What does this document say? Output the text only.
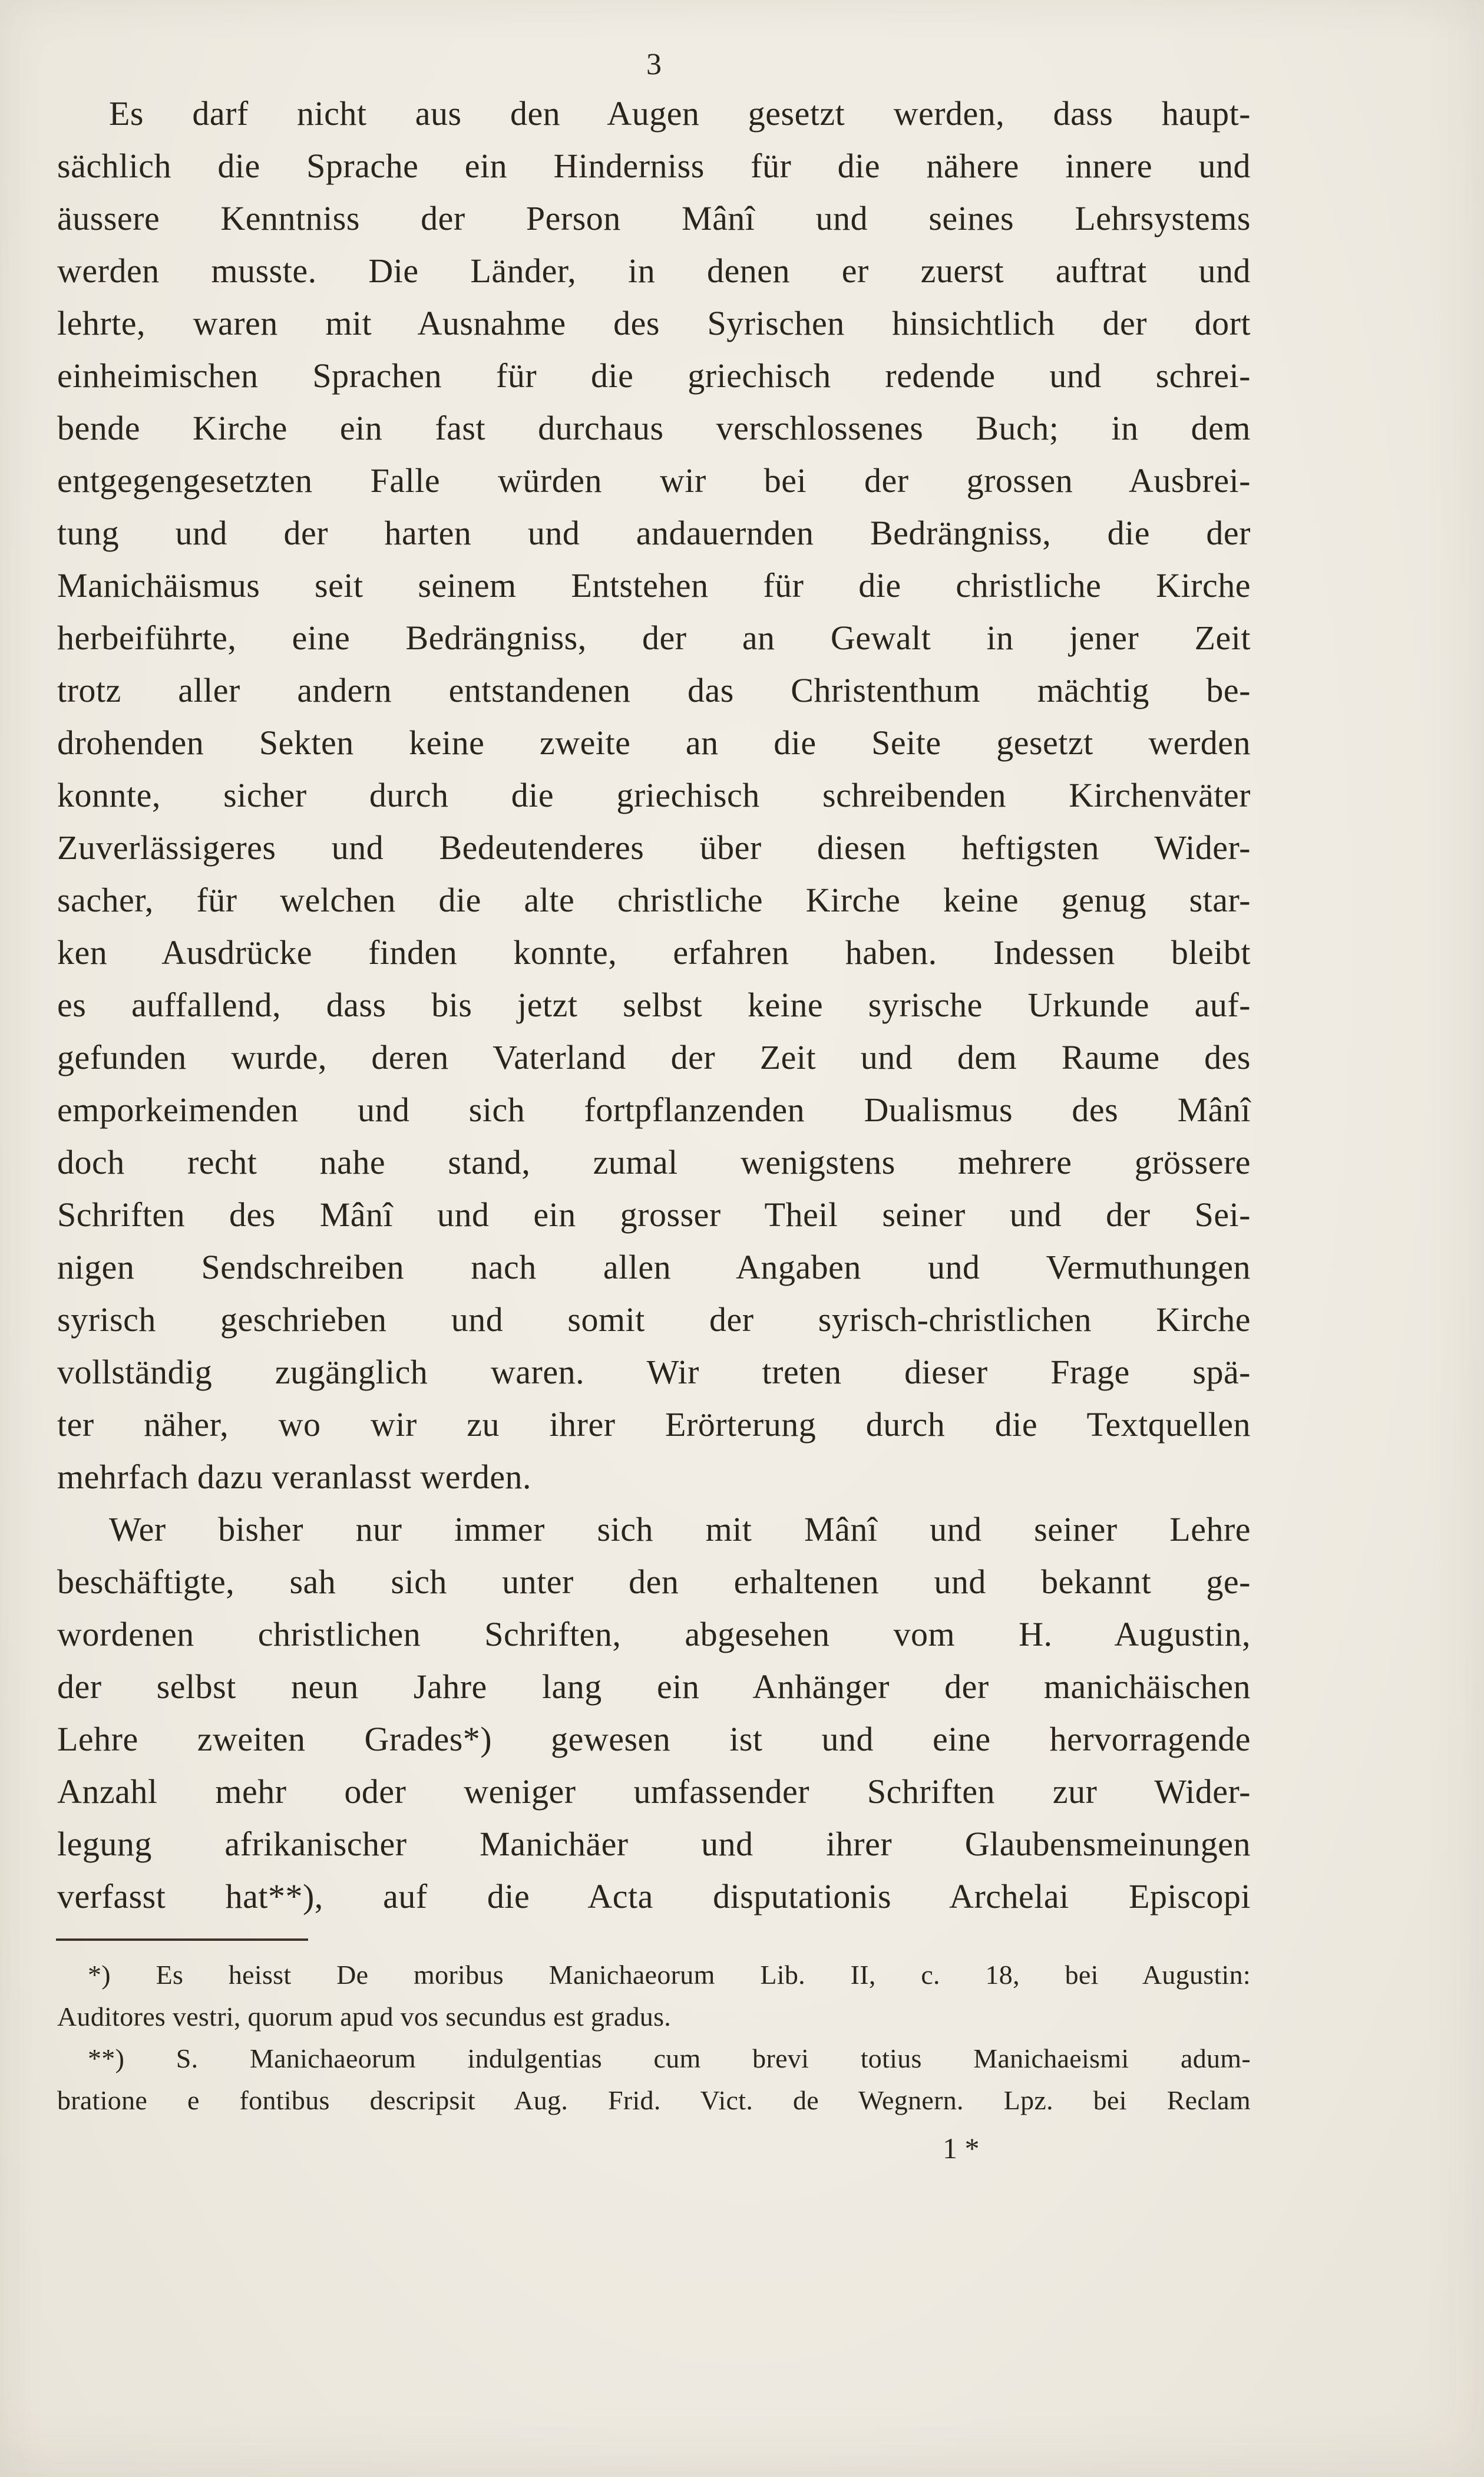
3
Es darf nicht aus den Augen gesetzt werden, dass haupt-
sächlich die Sprache ein Hinderniss für die nähere innere und
äussere Kenntniss der Person Mânî und seines Lehrsystems
werden musste. Die Länder, in denen er zuerst auftrat und
lehrte, waren mit Ausnahme des Syrischen hinsichtlich der dort
einheimischen Sprachen für die griechisch redende und schrei-
bende Kirche ein fast durchaus verschlossenes Buch; in dem
entgegengesetzten Falle würden wir bei der grossen Ausbrei-
tung und der harten und andauernden Bedrängniss, die der
Manichäismus seit seinem Entstehen für die christliche Kirche
herbeiführte, eine Bedrängniss, der an Gewalt in jener Zeit
trotz aller andern entstandenen das Christenthum mächtig be-
drohenden Sekten keine zweite an die Seite gesetzt werden
konnte, sicher durch die griechisch schreibenden Kirchenväter
Zuverlässigeres und Bedeutenderes über diesen heftigsten Wider-
sacher, für welchen die alte christliche Kirche keine genug star-
ken Ausdrücke finden konnte, erfahren haben. Indessen bleibt
es auffallend, dass bis jetzt selbst keine syrische Urkunde auf-
gefunden wurde, deren Vaterland der Zeit und dem Raume des
emporkeimenden und sich fortpflanzenden Dualismus des Mânî
doch recht nahe stand, zumal wenigstens mehrere grössere
Schriften des Mânî und ein grosser Theil seiner und der Sei-
nigen Sendschreiben nach allen Angaben und Vermuthungen
syrisch geschrieben und somit der syrisch-christlichen Kirche
vollständig zugänglich waren. Wir treten dieser Frage spä-
ter näher, wo wir zu ihrer Erörterung durch die Textquellen
mehrfach dazu veranlasst werden.
Wer bisher nur immer sich mit Mânî und seiner Lehre
beschäftigte, sah sich unter den erhaltenen und bekannt ge-
wordenen christlichen Schriften, abgesehen vom H. Augustin,
der selbst neun Jahre lang ein Anhänger der manichäischen
Lehre zweiten Grades*) gewesen ist und eine hervorragende
Anzahl mehr oder weniger umfassender Schriften zur Wider-
legung afrikanischer Manichäer und ihrer Glaubensmeinungen
verfasst hat**), auf die Acta disputationis Archelai Episcopi
*) Es heisst De moribus Manichaeorum Lib. II, c. 18, bei Augustin:
Auditores vestri, quorum apud vos secundus est gradus.
**) S. Manichaeorum indulgentias cum brevi totius Manichaeismi adum-
bratione e fontibus descripsit Aug. Frid. Vict. de Wegnern. Lpz. bei Reclam
1 *
